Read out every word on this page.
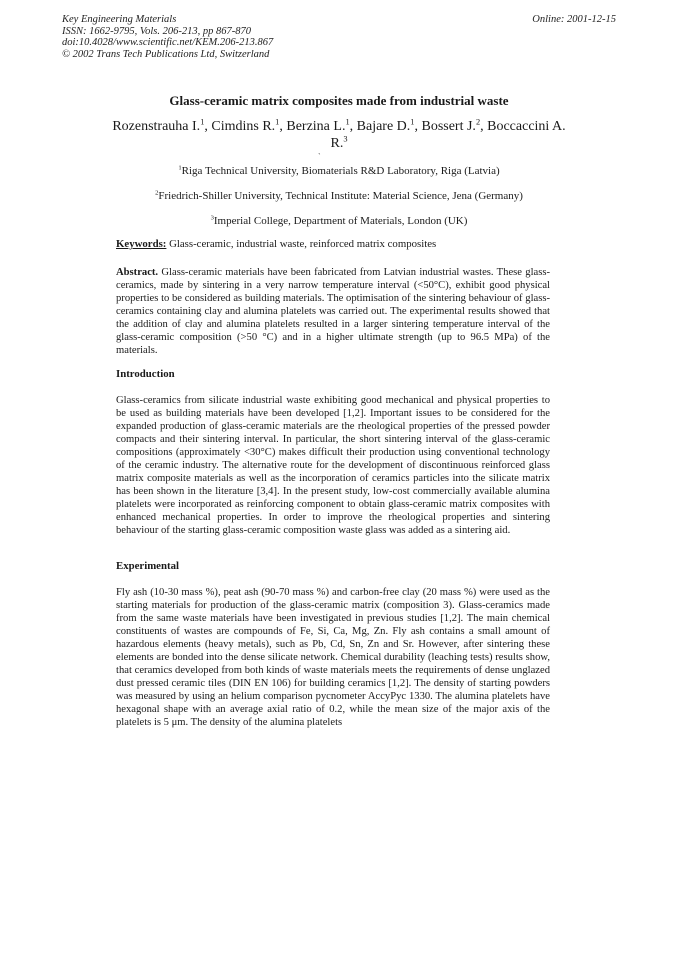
Key Engineering Materials
ISSN: 1662-9795, Vols. 206-213, pp 867-870
doi:10.4028/www.scientific.net/KEM.206-213.867
© 2002 Trans Tech Publications Ltd, Switzerland
Online: 2001-12-15
Glass-ceramic matrix composites made from industrial waste
Rozenstrauha I.$^1$, Cimdins R.$^1$, Berzina L.$^1$, Bajare D.$^1$, Bossert J.$^2$, Boccaccini A. R.$^3$
`
$^1$Riga Technical University, Biomaterials R&D Laboratory, Riga (Latvia)
$^2$Friedrich-Shiller University, Technical Institute: Material Science, Jena (Germany)
$^3$Imperial College, Department of Materials, London (UK)
Keywords: Glass-ceramic, industrial waste, reinforced matrix composites

Abstract. Glass-ceramic materials have been fabricated from Latvian industrial wastes. These glass-ceramics, made by sintering in a very narrow temperature interval (<50°C), exhibit good physical properties to be considered as building materials. The optimisation of the sintering behaviour of glass-ceramics containing clay and alumina platelets was carried out. The experimental results showed that the addition of clay and alumina platelets resulted in a larger sintering temperature interval of the glass-ceramic composition (>50 °C) and in a higher ultimate strength (up to 96.5 MPa) of the materials.

Introduction

Glass-ceramics from silicate industrial waste exhibiting good mechanical and physical properties to be used as building materials have been developed [1,2]. Important issues to be considered for the expanded production of glass-ceramic materials are the rheological properties of the pressed powder compacts and their sintering interval. In particular, the short sintering interval of the glass-ceramic compositions (approximately <30°C) makes difficult their production using conventional technology of the ceramic industry. The alternative route for the development of discontinuous reinforced glass matrix composite materials as well as the incorporation of ceramics particles into the silicate matrix has been shown in the literature [3,4]. In the present study, low-cost commercially available alumina platelets were incorporated as reinforcing component to obtain glass-ceramic matrix composites with enhanced mechanical properties. In order to improve the rheological properties and sintering behaviour of the starting glass-ceramic composition waste glass was added as a sintering aid.

Experimental

Fly ash (10-30 mass %), peat ash (90-70 mass %) and carbon-free clay (20 mass %) were used as the starting materials for production of the glass-ceramic matrix (composition 3). Glass-ceramics made from the same waste materials have been investigated in previous studies [1,2]. The main chemical constituents of wastes are compounds of Fe, Si, Ca, Mg, Zn. Fly ash contains a small amount of hazardous elements (heavy metals), such as Pb, Cd, Sn, Zn and Sr. However, after sintering these elements are bonded into the dense silicate network. Chemical durability (leaching tests) results show, that ceramics developed from both kinds of waste materials meets the requirements of dense unglazed dust pressed ceramic tiles (DIN EN 106) for building ceramics [1,2]. The density of starting powders was measured by using an helium comparison pycnometer AccyPyc 1330. The alumina platelets have hexagonal shape with an average axial ratio of 0.2, while the mean size of the major axis of the platelets is 5 μm. The density of the alumina platelets
